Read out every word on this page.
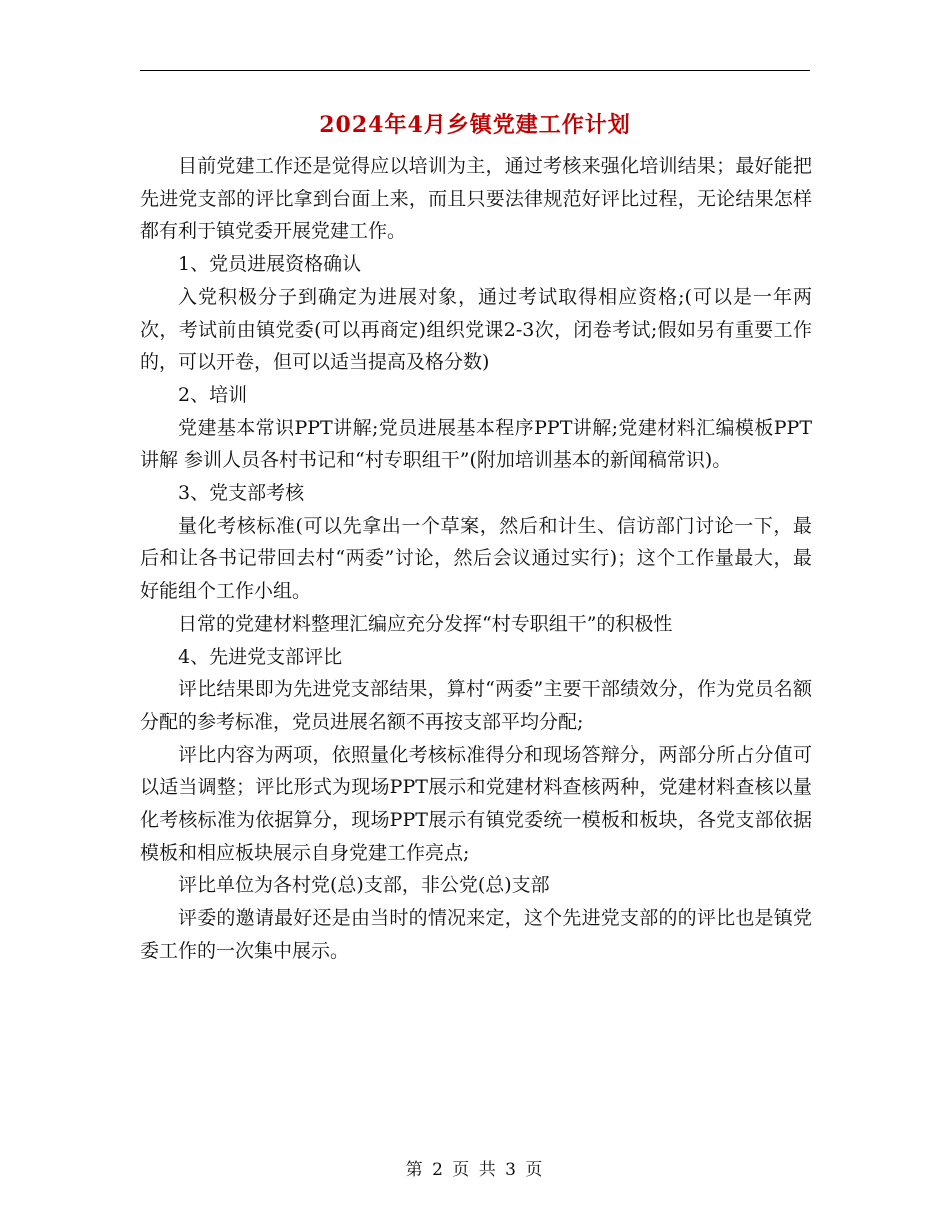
2024年4月乡镇党建工作计划

目前党建工作还是觉得应以培训为主，通过考核来强化培训结果；最好能把先进党支部的评比拿到台面上来，而且只要法律规范好评比过程，无论结果怎样都有利于镇党委开展党建工作。

1、党员进展资格确认

入党积极分子到确定为进展对象，通过考试取得相应资格;(可以是一年两次，考试前由镇党委(可以再商定)组织党课2-3次，闭卷考试;假如另有重要工作的，可以开卷，但可以适当提高及格分数)

2、培训

党建基本常识PPT讲解;党员进展基本程序PPT讲解;党建材料汇编模板PPT讲解 参训人员各村书记和“村专职组干”(附加培训基本的新闻稿常识)。

3、党支部考核

量化考核标准(可以先拿出一个草案，然后和计生、信访部门讨论一下，最后和让各书记带回去村“两委”讨论，然后会议通过实行)；这个工作量最大，最好能组个工作小组。

日常的党建材料整理汇编应充分发挥“村专职组干”的积极性

4、先进党支部评比

评比结果即为先进党支部结果，算村“两委”主要干部绩效分，作为党员名额分配的参考标准，党员进展名额不再按支部平均分配;

评比内容为两项，依照量化考核标准得分和现场答辩分，两部分所占分值可以适当调整；评比形式为现场PPT展示和党建材料查核两种，党建材料查核以量化考核标准为依据算分，现场PPT展示有镇党委统一模板和板块，各党支部依据模板和相应板块展示自身党建工作亮点;

评比单位为各村党(总)支部，非公党(总)支部

评委的邀请最好还是由当时的情况来定，这个先进党支部的的评比也是镇党委工作的一次集中展示。

第 2 页 共 3 页
